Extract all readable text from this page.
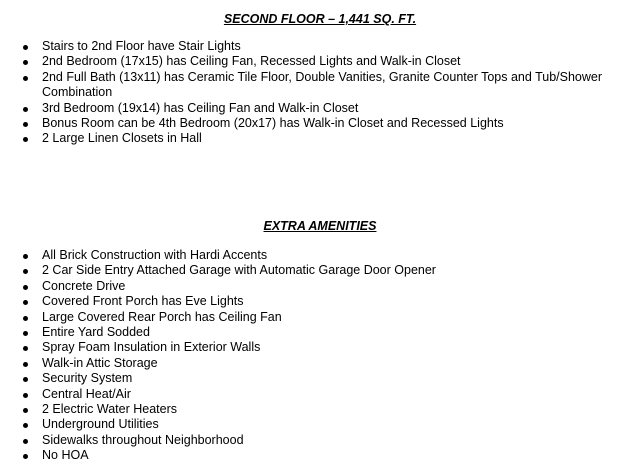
SECOND FLOOR – 1,441 SQ. FT.
Stairs to 2nd Floor have Stair Lights
2nd Bedroom (17x15) has Ceiling Fan, Recessed Lights and Walk-in Closet
2nd Full Bath (13x11) has Ceramic Tile Floor, Double Vanities, Granite Counter Tops and Tub/Shower Combination
3rd Bedroom (19x14) has Ceiling Fan and Walk-in Closet
Bonus Room can be 4th Bedroom (20x17) has Walk-in Closet and Recessed Lights
2 Large Linen Closets in Hall
EXTRA AMENITIES
All Brick Construction with Hardi Accents
2 Car Side Entry Attached Garage with Automatic Garage Door Opener
Concrete Drive
Covered Front Porch has Eve Lights
Large Covered Rear Porch has Ceiling Fan
Entire Yard Sodded
Spray Foam Insulation in Exterior Walls
Walk-in Attic Storage
Security System
Central Heat/Air
2 Electric Water Heaters
Underground Utilities
Sidewalks throughout Neighborhood
No HOA
